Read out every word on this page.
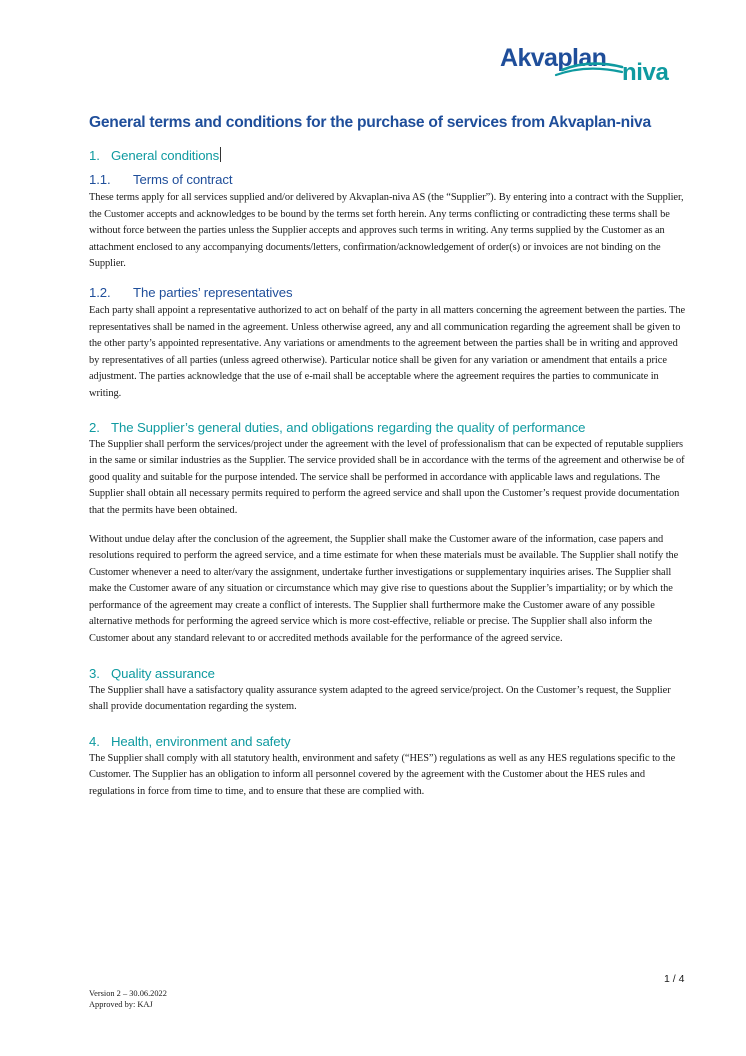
Akvaplan
niva
General terms and conditions for the purchase of services from Akvaplan-niva
1. General conditions
1.1. Terms of contract

These terms apply for all services supplied and/or delivered by Akvaplan-niva AS (the “Supplier”). By entering into a contract with the Supplier, the Customer accepts and acknowledges to be bound by the terms set forth herein. Any terms conflicting or contradicting these terms shall be without force between the parties unless the Supplier accepts and approves such terms in writing. Any terms supplied by the Customer as an attachment enclosed to any accompanying documents/letters, confirmation/acknowledgement of order(s) or invoices are not binding on the Supplier.

1.2. The parties’ representatives

Each party shall appoint a representative authorized to act on behalf of the party in all matters concerning the agreement between the parties. The representatives shall be named in the agreement. Unless otherwise agreed, any and all communication regarding the agreement shall be given to the other party’s appointed representative. Any variations or amendments to the agreement between the parties shall be in writing and approved by representatives of all parties (unless agreed otherwise). Particular notice shall be given for any variation or amendment that entails a price adjustment. The parties acknowledge that the use of e-mail shall be acceptable where the agreement requires the parties to communicate in writing.

2. The Supplier’s general duties, and obligations regarding the quality of performance

The Supplier shall perform the services/project under the agreement with the level of professionalism that can be expected of reputable suppliers in the same or similar industries as the Supplier. The service provided shall be in accordance with the terms of the agreement and otherwise be of good quality and suitable for the purpose intended. The service shall be performed in accordance with applicable laws and regulations. The Supplier shall obtain all necessary permits required to perform the agreed service and shall upon the Customer’s request provide documentation that the permits have been obtained.

Without undue delay after the conclusion of the agreement, the Supplier shall make the Customer aware of the information, case papers and resolutions required to perform the agreed service, and a time estimate for when these materials must be available. The Supplier shall notify the Customer whenever a need to alter/vary the assignment, undertake further investigations or supplementary inquiries arises. The Supplier shall make the Customer aware of any situation or circumstance which may give rise to questions about the Supplier’s impartiality; or by which the performance of the agreement may create a conflict of interests. The Supplier shall furthermore make the Customer aware of any possible alternative methods for performing the agreed service which is more cost-effective, reliable or precise. The Supplier shall also inform the Customer about any standard relevant to or accredited methods available for the performance of the agreed service.

3. Quality assurance

The Supplier shall have a satisfactory quality assurance system adapted to the agreed service/project. On the Customer’s request, the Supplier shall provide documentation regarding the system.

4. Health, environment and safety

The Supplier shall comply with all statutory health, environment and safety (“HES”) regulations as well as any HES regulations specific to the Customer. The Supplier has an obligation to inform all personnel covered by the agreement with the Customer about the HES rules and regulations in force from time to time, and to ensure that these are complied with.

1 / 4
Version 2 – 30.06.2022
Approved by: KAJ
